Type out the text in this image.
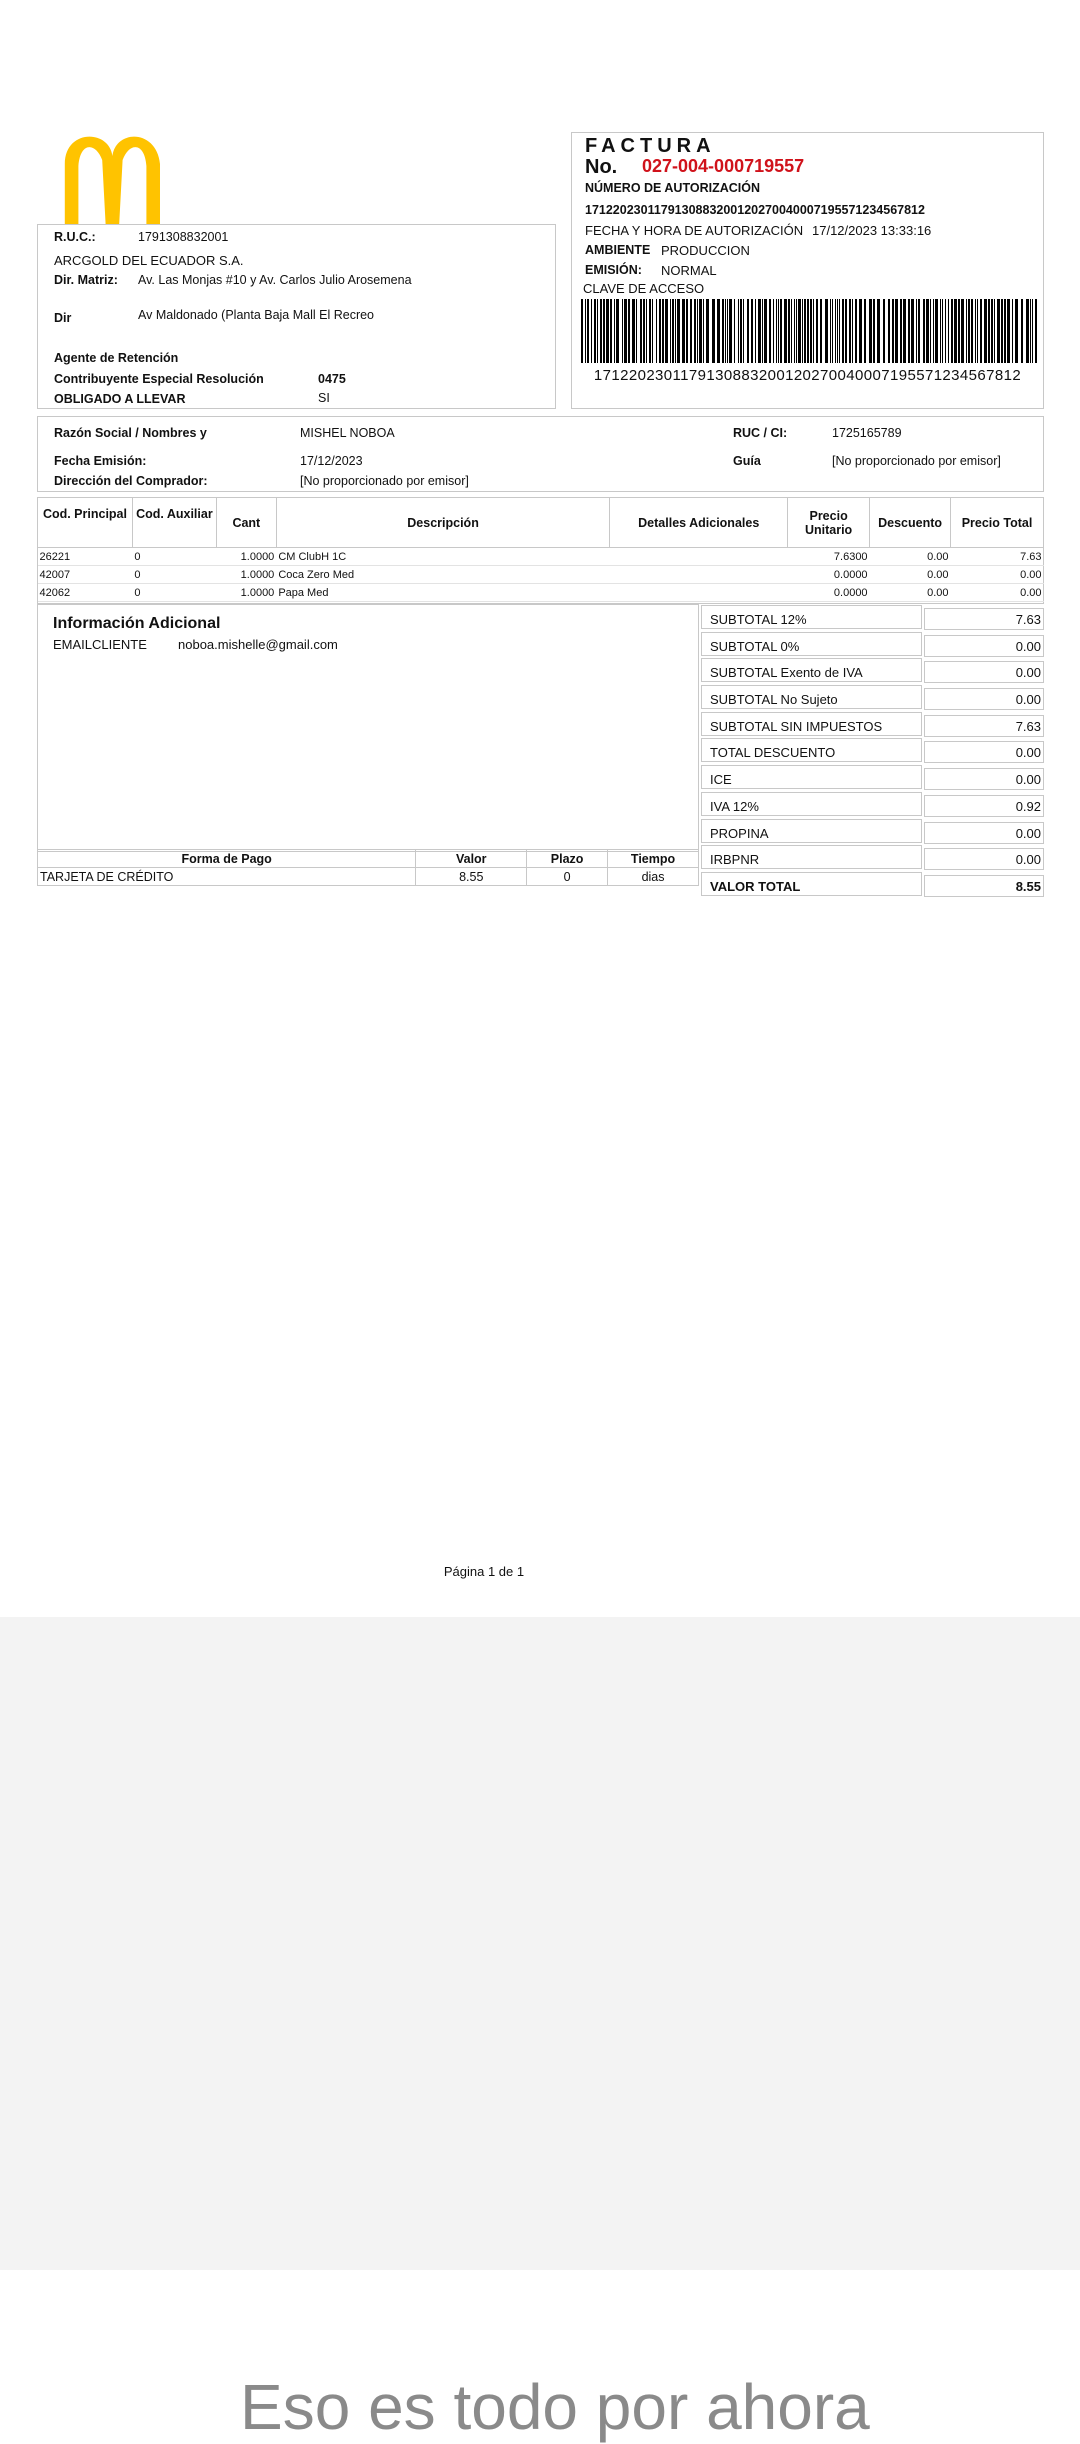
R.U.C.:	1791308832001
ARCGOLD DEL ECUADOR S.A.
Dir. Matriz: Av. Las Monjas #10 y Av. Carlos Julio Arosemena
Dir	Av Maldonado (Planta Baja Mall El Recreo
Agente de Retención
Contribuyente Especial Resolución	0475
OBLIGADO A LLEVAR	SI
FACTURA
No. 027-004-000719557
NÚMERO DE AUTORIZACIÓN
1712202301179130883200120270040007195571234567812
FECHA Y HORA DE AUTORIZACIÓN 17/12/2023 13:33:16
AMBIENTE PRODUCCION
EMISIÓN: NORMAL
CLAVE DE ACCESO
1712202301179130883200120270040007195571234567812
Razón Social / Nombres y	MISHEL NOBOA	RUC / CI:	1725165789
Fecha Emisión:	17/12/2023	Guía	[No proporcionado por emisor]
Dirección del Comprador:	[No proporcionado por emisor]
Cod. Principal	Cod. Auxiliar	Cant	Descripción	Detalles Adicionales	Precio Unitario	Descuento	Precio Total
26221	0	1.0000	CM ClubH 1C		7.6300	0.00	7.63
42007	0	1.0000	Coca Zero Med		0.0000	0.00	0.00
42062	0	1.0000	Papa Med		0.0000	0.00	0.00
Información Adicional
EMAILCLIENTE noboa.mishelle@gmail.com
Forma de Pago	Valor	Plazo	Tiempo
TARJETA DE CRÉDITO	8.55	0	dias
SUBTOTAL 12%	7.63
SUBTOTAL 0%	0.00
SUBTOTAL Exento de IVA	0.00
SUBTOTAL No Sujeto	0.00
SUBTOTAL SIN IMPUESTOS	7.63
TOTAL DESCUENTO	0.00
ICE	0.00
IVA 12%	0.92
PROPINA	0.00
IRBPNR	0.00
VALOR TOTAL	8.55
Página 1 de 1
Eso es todo por ahora
